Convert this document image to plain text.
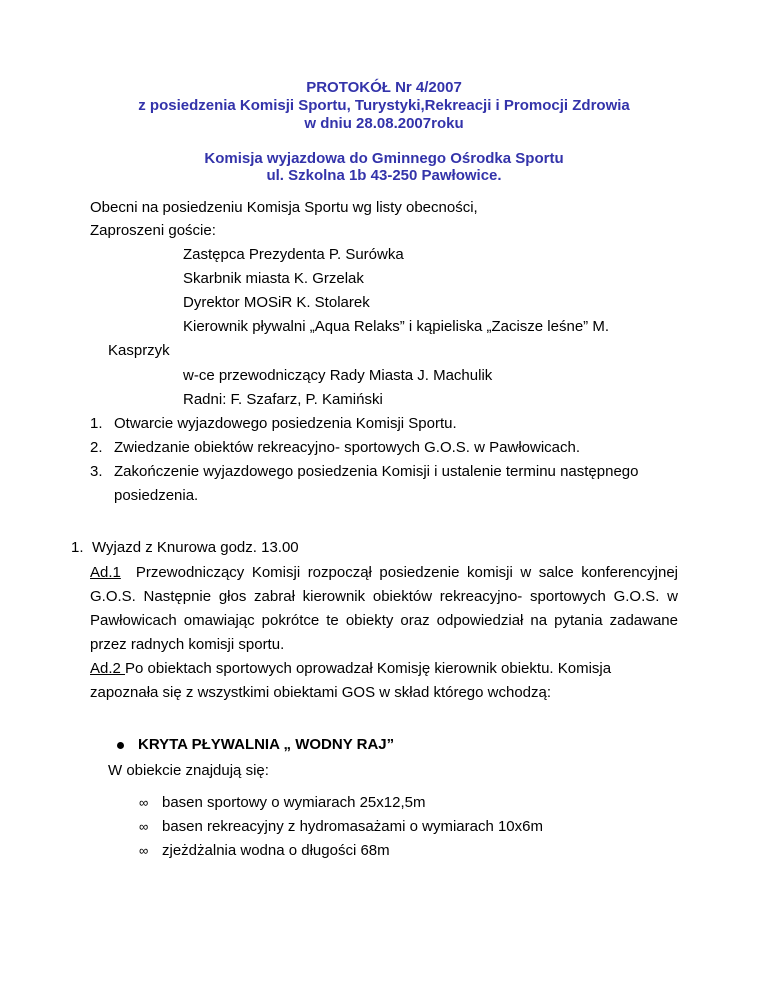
PROTOKÓŁ Nr 4/2007
z posiedzenia Komisji Sportu, Turystyki,Rekreacji i Promocji Zdrowia
w dniu 28.08.2007roku
Komisja wyjazdowa do Gminnego Ośrodka Sportu
ul. Szkolna 1b 43-250 Pawłowice.
Obecni na posiedzeniu Komisja Sportu wg listy obecności,
Zaproszeni goście:
Zastępca Prezydenta P. Surówka
Skarbnik miasta K. Grzelak
Dyrektor MOSiR K. Stolarek
Kierownik pływalni „Aqua Relaks” i kąpieliska „Zacisze leśne” M.
Kasprzyk
w-ce przewodniczący Rady Miasta J. Machulik
Radni: F. Szafarz, P. Kamiński
1. Otwarcie wyjazdowego posiedzenia Komisji Sportu.
2. Zwiedzanie obiektów rekreacyjno- sportowych G.O.S. w Pawłowicach.
3. Zakończenie wyjazdowego posiedzenia Komisji i ustalenie terminu następnego
posiedzenia.
1. Wyjazd z Knurowa godz. 13.00
Ad.1 Przewodniczący Komisji rozpoczął posiedzenie komisji w salce konferencyjnej
G.O.S. Następnie głos zabrał kierownik obiektów rekreacyjno- sportowych G.O.S. w
Pawłowicach omawiając pokrótce te obiekty oraz odpowiedział na pytania zadawane
przez radnych komisji sportu.
Ad.2 Po obiektach sportowych oprowadzał Komisję kierownik obiektu. Komisja
zapoznała się z wszystkimi obiektami GOS w skład którego wchodzą:
KRYTA PŁYWALNIA „ WODNY RAJ”
W obiekcie znajdują się:
∞ basen sportowy o wymiarach 25x12,5m
∞ basen rekreacyjny z hydromasażami o wymiarach 10x6m
∞ zjeżdżalnia wodna o długości 68m
